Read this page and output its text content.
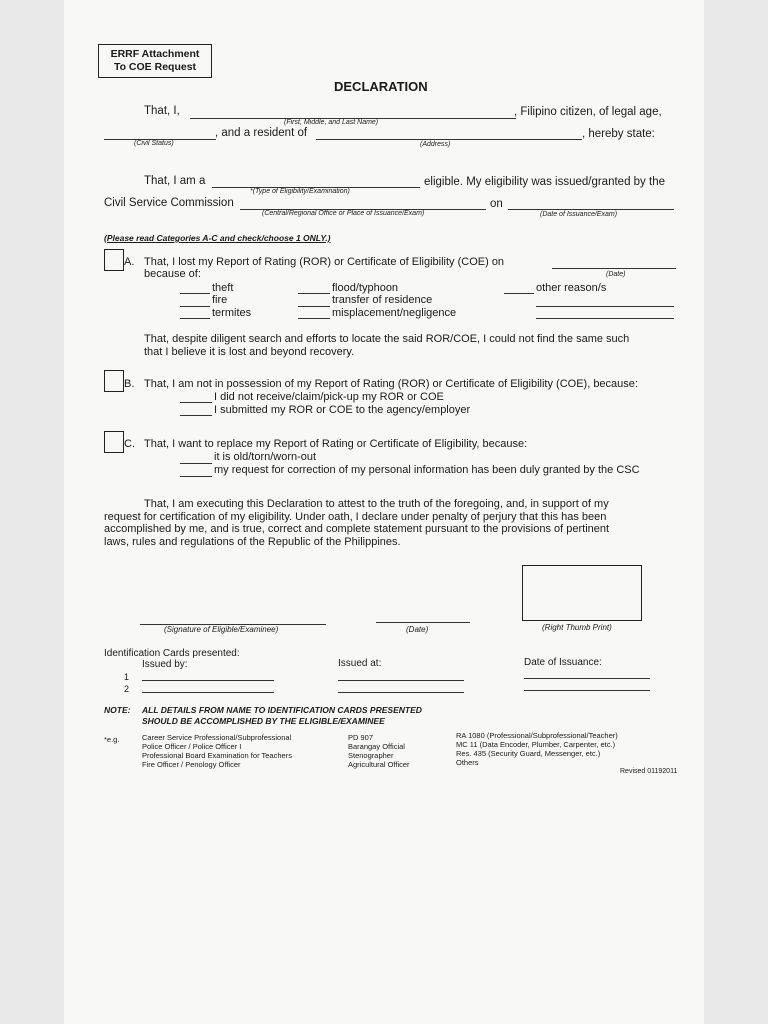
ERRF Attachment
To COE Request
DECLARATION
That, I,
(First, Middle, and Last Name)
, Filipino citizen, of legal age,
(Civil Status)
, and a resident of
(Address)
, hereby state:
That, I am a
*(Type of Eligibility/Examination)
eligible. My eligibility was issued/granted by the
Civil Service Commission
(Central/Regional Office or Place of Issuance/Exam)
on
(Date of Issuance/Exam)
(Please read Categories A-C and check/choose 1 ONLY.)
A. That, I lost my Report of Rating (ROR) or Certificate of Eligibility (COE) on
(Date)
because of:
theft
fire
termites
flood/typhoon
transfer of residence
misplacement/negligence
other reason/s
That, despite diligent search and efforts to locate the said ROR/COE, I could not find the same such
that I believe it is lost and beyond recovery.
B. That, I am not in possession of my Report of Rating (ROR) or Certificate of Eligibility (COE), because:
I did not receive/claim/pick-up my ROR or COE
I submitted my ROR or COE to the agency/employer
C. That, I want to replace my Report of Rating or Certificate of Eligibility, because:
it is old/torn/worn-out
my request for correction of my personal information has been duly granted by the CSC
That, I am executing this Declaration to attest to the truth of the foregoing, and, in support of my
request for certification of my eligibility. Under oath, I declare under penalty of perjury that this has been
accomplished by me, and is true, correct and complete statement pursuant to the provisions of pertinent
laws, rules and regulations of the Republic of the Philippines.
(Signature of Eligible/Examinee)	(Date)	(Right Thumb Print)
Identification Cards presented:
Issued by:	Issued at:	Date of Issuance:
1
2
NOTE: ALL DETAILS FROM NAME TO IDENTIFICATION CARDS PRESENTED
SHOULD BE ACCOMPLISHED BY THE ELIGIBLE/EXAMINEE
*e.g.	Career Service Professional/Subprofessional
Police Officer / Police Officer I
Professional Board Examination for Teachers
Fire Officer / Penology Officer
PD 907
Barangay Official
Stenographer
Agricultural Officer
RA 1080 (Professional/Subprofessional/Teacher)
MC 11 (Data Encoder, Plumber, Carpenter, etc.)
Res. 435 (Security Guard, Messenger, etc.)
Others
Revised 01192011
